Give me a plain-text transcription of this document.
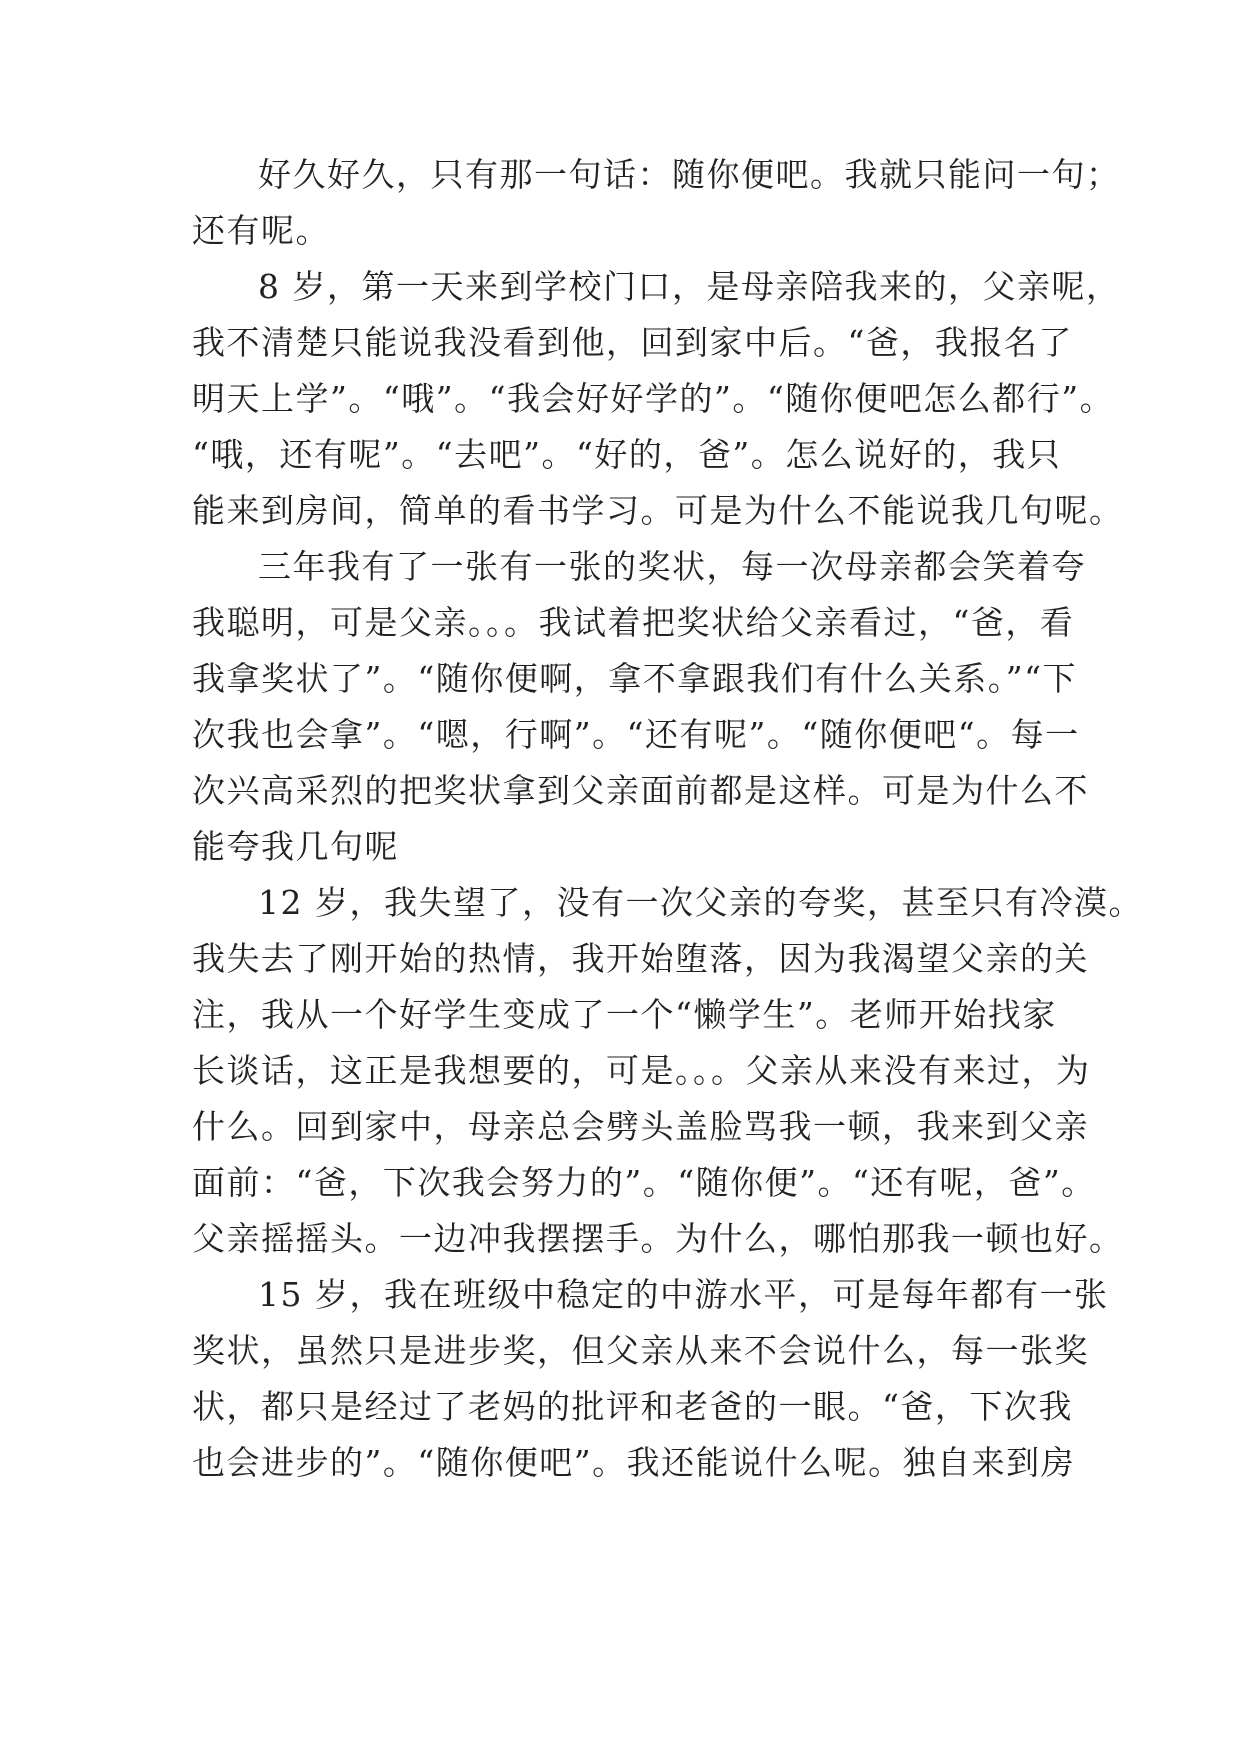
好久好久，只有那一句话：随你便吧。我就只能问一句；
还有呢。
8 岁，第一天来到学校门口，是母亲陪我来的，父亲呢，
我不清楚只能说我没看到他，回到家中后。“爸，我报名了
明天上学”。“哦”。“我会好好学的”。“随你便吧怎么都行”。
“哦，还有呢”。“去吧”。“好的，爸”。怎么说好的，我只
能来到房间，简单的看书学习。可是为什么不能说我几句呢。
三年我有了一张有一张的奖状，每一次母亲都会笑着夸
我聪明，可是父亲。。。我试着把奖状给父亲看过，“爸，看
我拿奖状了”。“随你便啊，拿不拿跟我们有什么关系。”“下
次我也会拿”。“嗯，行啊”。“还有呢”。“随你便吧“。每一
次兴高采烈的把奖状拿到父亲面前都是这样。可是为什么不
能夸我几句呢
12 岁，我失望了，没有一次父亲的夸奖，甚至只有冷漠。
我失去了刚开始的热情，我开始堕落，因为我渴望父亲的关
注，我从一个好学生变成了一个“懒学生”。老师开始找家
长谈话，这正是我想要的，可是。。。父亲从来没有来过，为
什么。回到家中，母亲总会劈头盖脸骂我一顿，我来到父亲
面前：“爸，下次我会努力的”。“随你便”。“还有呢，爸”。
父亲摇摇头。一边冲我摆摆手。为什么，哪怕那我一顿也好。
15 岁，我在班级中稳定的中游水平，可是每年都有一张
奖状，虽然只是进步奖，但父亲从来不会说什么，每一张奖
状，都只是经过了老妈的批评和老爸的一眼。“爸，下次我
也会进步的”。“随你便吧”。我还能说什么呢。独自来到房
